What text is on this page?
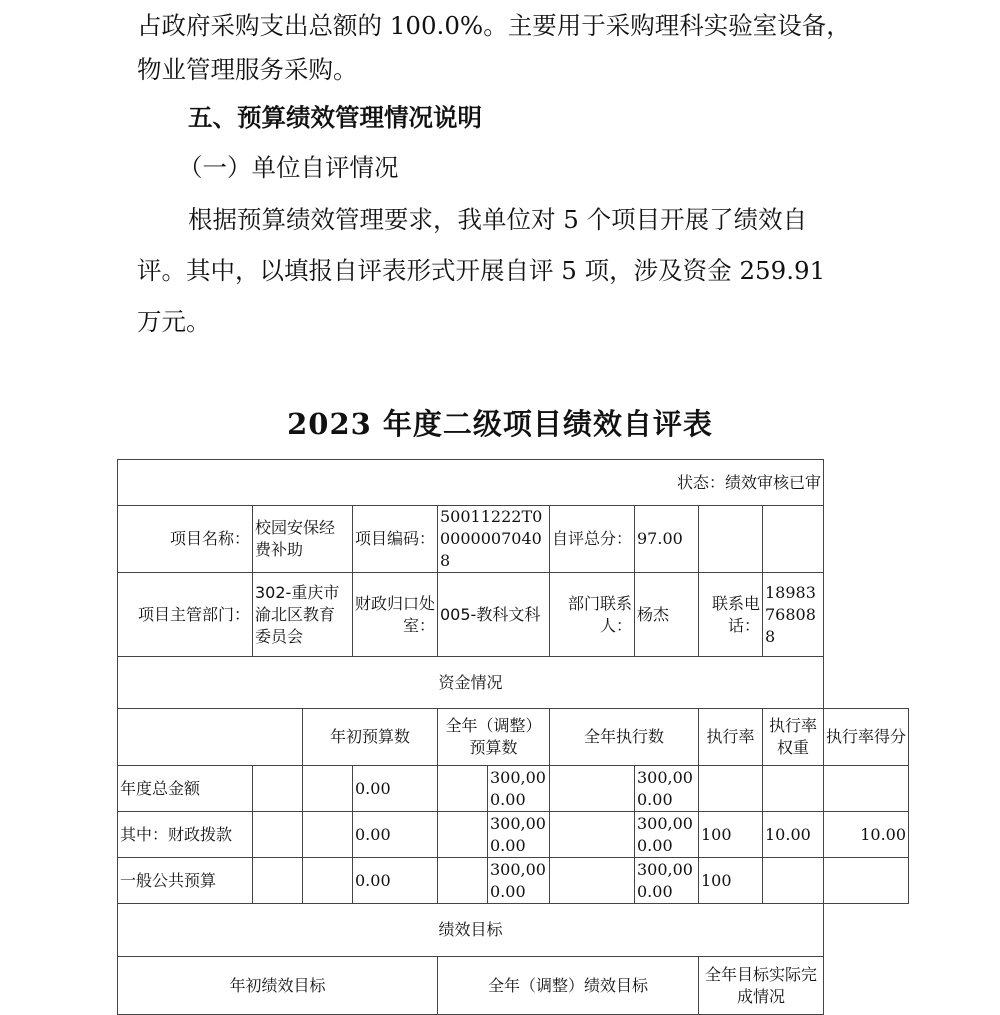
占政府采购支出总额的 100.0%。主要用于采购理科实验室设备，
物业管理服务采购。
五、预算绩效管理情况说明
（一）单位自评情况
根据预算绩效管理要求，我单位对 5 个项目开展了绩效自
评。其中，以填报自评表形式开展自评 5 项，涉及资金 259.91
万元。
2023 年度二级项目绩效自评表
状态：绩效审核已审										
项目名称：	校园安保经费补助		项目编码：	50011222T000000070408		自评总分：	97.00			
项目主管部门：	302-重庆市渝北区教育委员会		财政归口处室：	005-教科文科		部门联系人：	杨杰	联系电话：	18983768088	
资金情况										
		年初预算数		全年（调整）预算数		全年执行数		执行率	执行率权重	执行率得分
年度总金额			0.00		300,000.00		300,000.00			
其中：财政拨款			0.00		300,000.00		300,000.00	100	10.00	10.00
一般公共预算			0.00		300,000.00		300,000.00	100		
绩效目标										
年初绩效目标				全年（调整）绩效目标				全年目标实际完成情况		
